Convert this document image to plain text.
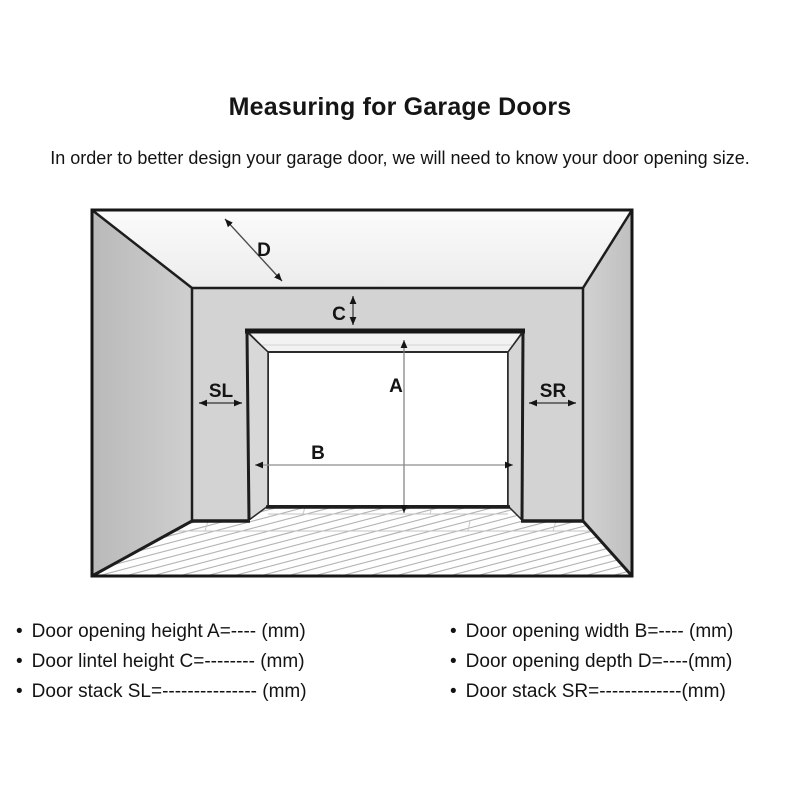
Measuring for Garage Doors
In order to better design your garage door, we will need to know your door opening size.
D
C
A
B
SL	SR
• Door opening height A=---- (mm)
• Door lintel height C=-------- (mm)
• Door stack SL=--------------- (mm)
• Door opening width B=---- (mm)
• Door opening depth D=----(mm)
• Door stack SR=-------------(mm)
